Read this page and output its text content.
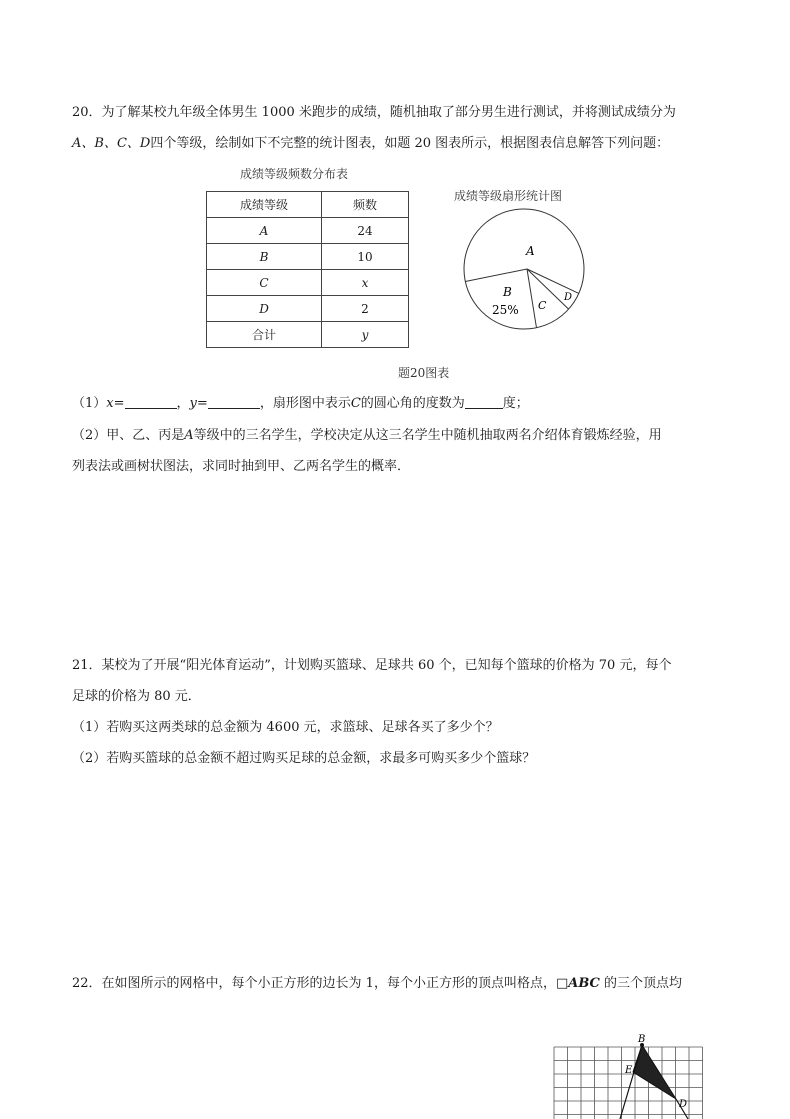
20．为了解某校九年级全体男生 1000 米跑步的成绩，随机抽取了部分男生进行测试，并将测试成绩分为
A、B、C、D四个等级，绘制如下不完整的统计图表，如题 20 图表所示，根据图表信息解答下列问题：
成绩等级频数分布表
成绩等级	频数
A	24
B	10
C	x
D	2
合计	y
成绩等级扇形统计图
A
B
25% C
D
题20图表
（1）x=	，y=	，扇形图中表示C的圆心角的度数为	度；
（2）甲、乙、丙是A等级中的三名学生，学校决定从这三名学生中随机抽取两名介绍体育锻炼经验，用
列表法或画树状图法，求同时抽到甲、乙两名学生的概率．
21．某校为了开展“阳光体育运动”，计划购买篮球、足球共 60 个，已知每个篮球的价格为 70 元，每个
足球的价格为 80 元．
（1）若购买这两类球的总金额为 4600 元，求篮球、足球各买了多少个？
（2）若购买篮球的总金额不超过购买足球的总金额，求最多可购买多少个篮球？
22．在如图所示的网格中，每个小正方形的边长为 1，每个小正方形的顶点叫格点，□ABC 的三个顶点均
B
E
D
